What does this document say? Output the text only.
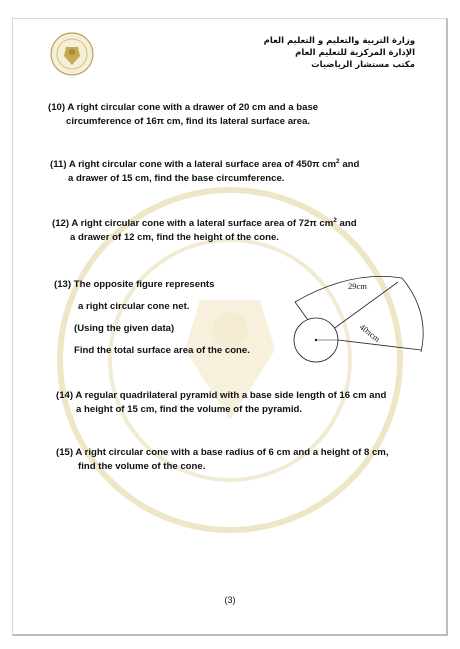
وزارة التربية والتعليم و التعليم العام
الإدارة المركزية للتعليم العام
مكتب مستشار الرياضيات
(10) A right circular cone with a drawer of 20 cm and a base
circumference of 16π cm, find its lateral surface area.
(11) A right circular cone with a lateral surface area of 450π $cm^2$ and
a drawer of 15 cm, find the base circumference.
(12) A right circular cone with a lateral surface area of 72π $cm^2$ and
a drawer of 12 cm, find the height of the cone.
(13) The opposite figure represents
a right circular cone net.
(Using the given data)
Find the total surface area of the cone.
29cm
40πcm
(14) A regular quadrilateral pyramid with a base side length of 16 cm and
a height of 15 cm, find the volume of the pyramid.
(15) A right circular cone with a base radius of 6 cm and a height of 8 cm,
find the volume of the cone.
(3)
